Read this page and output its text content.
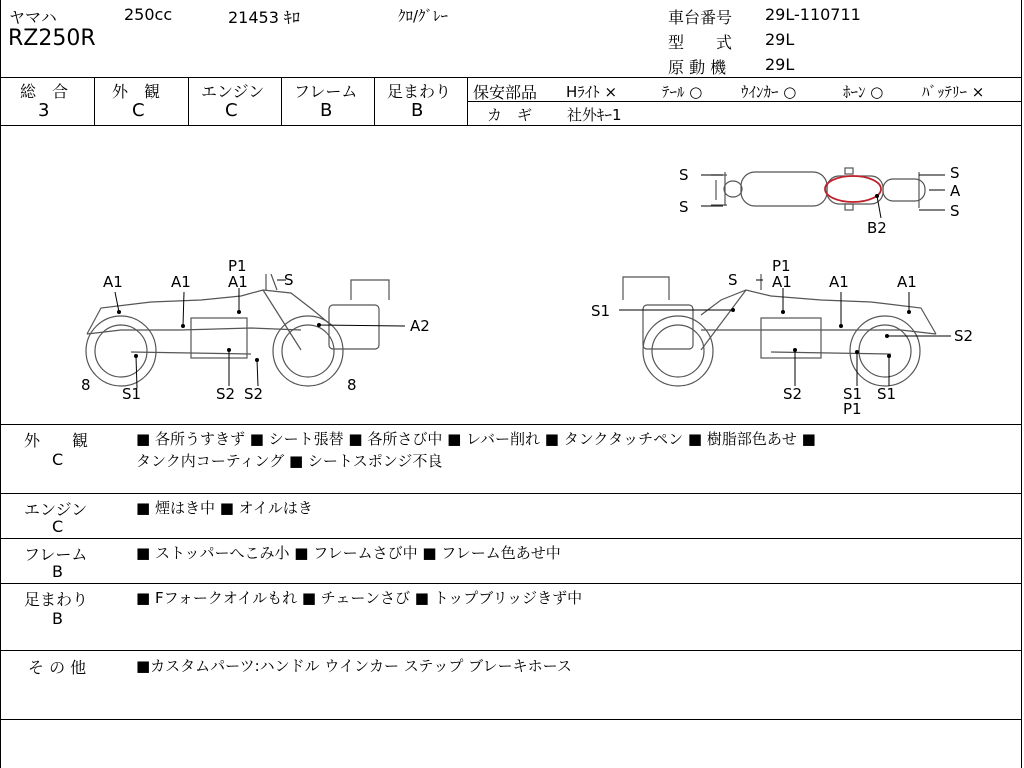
ヤマハ	250cc	21453 ｷﾛ	ｸﾛ/ｸﾞﾚｰ
RZ250R
車台番号 29L-110711
型　　式 29L
原 動 機 29L
総　合
3
外　観
C
エンジン
C
フレーム
B
足まわり
B
保安部品 Hﾗｲﾄ ×	ﾃｰﾙ ○	ｳｲﾝｶｰ ○	ﾎｰﾝ ○	ﾊﾞｯﾃﾘｰ ×
カ　ギ 社外ｷｰ1
S
S
S
A
S
B2
P1
A1	A1 A1 S
A2
8 S1	S2 S2	8
P1
S A1 A1	A1
S1
S2
S2	S1
P1
S1
外　　観
C
■ 各所うすきず ■ シート張替 ■ 各所さび中 ■ レバー削れ ■ タンクタッチペン ■ 樹脂部色あせ ■
タンク内コーティング ■ シートスポンジ不良
エンジン
C
■ 煙はき中 ■ オイルはき
フレーム
B
■ ストッパーへこみ小 ■ フレームさび中 ■ フレーム色あせ中
足まわり
B
■ Fフォークオイルもれ ■ チェーンさび ■ トップブリッジきず中
そ の 他	■カスタムパーツ:ハンドル ウインカー ステップ ブレーキホース
